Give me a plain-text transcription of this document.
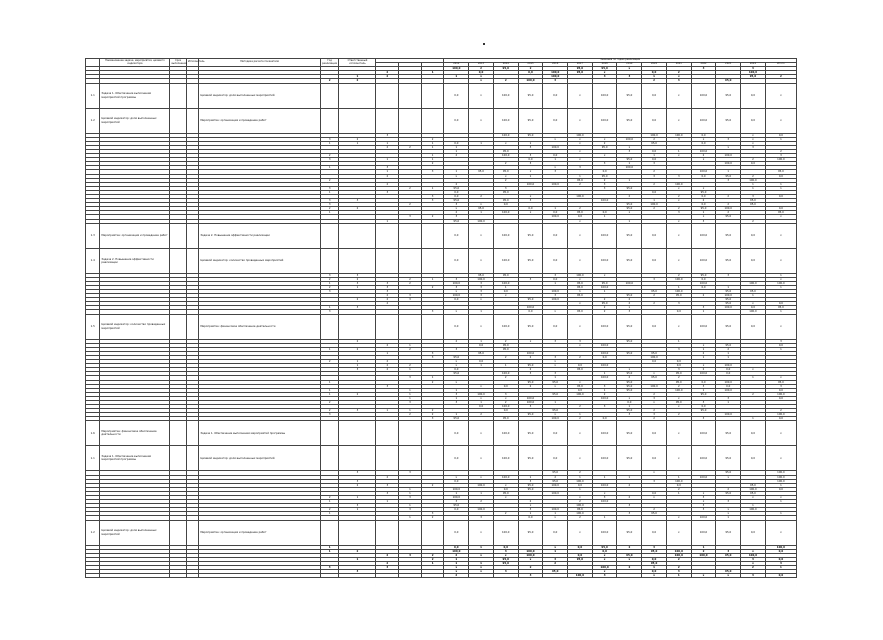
	Наименование задачи, мероприятия, целевого индикатора	Срок выполнения	Исполнитель	Методика расчета показателя	Год реализации	Ответственный исполнитель				Значения по годам реализации													
										2012	2013	2014	2015	2016	2017	2018	2019	2020	2021	2022	2023	2024	Итого
										100,0	2	95,0	2		95,0	95,0	х			3		3	
							2		1		0,0		0,0	100,0	95,0	х		0,0	2			100,0	
						1	2			1	х			100,0		3	3	1	х			95,0	2
					2	2					х	2	100,0	3				2	3		95,0		
1.1	Задача 1. Обеспечение выполнения мероприятий программы			Целевой индикатор: доля выполненных мероприятий						0,0	х	100,0	95,0	0,0	х	100,0	95,0	0,0	х	100,0	95,0	0,0	х
1.2	Целевой индикатор: доля выполненных мероприятий			Мероприятие: организация и проведение работ						0,0	х	100,0	95,0	0,0	х	100,0	95,0	0,0	х	100,0	95,0	0,0	х
							3					100,0	95,0		100,0			100,0	100,0	0,0		х	0,0
					3	2			2					х	х	х	100,0	2	3	х	3	х	1
					1	1	1		1	0,0	1	х	1		х	2		95,0		0,0		х	
							2	2	1	1			3	100,0		95,0	х				х	3	
										1		95,0			х		3	0,0	1	100,0			2
					2				1	2		100,0	3	0,0		х		1	х	2	100,0		3
					3		1		1				0,0	1	х		95,0	0,0		х		2	100,0
									2			2	3			3	1	3			100,0	0,0	
					1		3							х	3		100,0						
							1		3	1	95,0	95,0	х	3		0,0		2		100,0	1		95,0
							2			х		х	1		1	95,0		3	3	0,0	95,0	2	0,0
					2							2			95,0	2	1				3	100,0	
							2			2			100,0	100,0	2	3		2	100,0			1	1
					3			2	1	95,0		3				3	95,0		х	х		1	1
					1		3			0,0		95,0						0,0		95,0			
									3	0,0	2		х		100,0		2		2	0,0	2	3	0,0
					3	3			3	95,0		95,0	3			100,0		1	х	2		95,0	
					3			2		3	х	0,0					95,0	100,0		0,0	2	95,0	
					2	2				х	95,0		0,0	1	2		95,0	2	2	95,0	100,0		0,0
					1					2	1	100,0	х	0,0	95,0	0,0	х		3	1	2		95,0
								3	2	3				100,0	0,0	1				х	95,0		х
							1			95,0	100,0				х		1		х	3		2	
1.3	Мероприятие: организация и проведение работ			Задача 2. Повышение эффективности реализации						0,0	х	100,0	95,0	0,0	х	100,0	95,0	0,0	х	100,0	95,0	0,0	х
1.4	Задача 2. Повышение эффективности реализации			Целевой индикатор: количество проведенных мероприятий						0,0	х	100,0	95,0	0,0	х	100,0	95,0	0,0	х	100,0	95,0	0,0	х
					3	3					95,0	95,0		3	100,0	х			2	95,0	3		1
					2	2		2	1	3	100,0		3	0,0	х			3	100,0	0,0			х
					1	3	3	2		100,0	3	100,0		1	95,0	95,0	100,0			100,0		100,0	100,0
					2	1	3		2	3	3	1			95,0	100,0			1	0,0	1		1
					3		3			х	3	0,0		100,0	1	1		95,0	100,0		95,0	95,0	
							2	3		100,0	3	х		3	95,0		95,0	2	95,0	2	100,0	1	
						2	2	3		0,0	х		95,0	100,0		2	2				95,0		
							2								х	95,0	2	2	3		95,0	х	0,0
					1	3							100,0			2	х			3	100,0	0,0	95,0
					3				3	х	1		0,0	х	95,0	2	3		0,0	1		100,0	1
1.5	Целевой индикатор: количество проведенных мероприятий			Мероприятие: финансовое обеспечение деятельности						0,0	х	100,0	95,0	0,0	х	100,0	95,0	0,0	х	100,0	95,0	0,0	х
						2				2	1	2	х	3	3		95,0		1				3
							2	1			0,0	95,0			х	100,0				х	95,0		0,0
					1	2		2		3		95,0							3	1	2		1
							1		3		95,0		100,0			100,0	95,0	95,0		2	1		
									3	95,0		2	2	3	2	0,0		100,0		1	1		
					2	1	2			х	0,0			х				0,0	0,0				
						1	2	2		х	1	1	95,0	х	0,0	100,0			0,0	х	100,0		
						3	2	1		0,0			2		95,0		х		3	2	0,0	х	
										95,0		100,0	3	3		1	95,0	х	95,0	100,0	0,0		
								3	1			2		1		100,0	2	95,0	2			1	х
					1				2	х			95,0	95,0	х		95,0		95,0	0,0	100,0		95,0
							3				х	0,0	2	х	95,0	3	95,0	100,0	2	3	0,0		3
					1			1		1					0,0	1	95,0		100,0	1	100,0		0,0
					1	2		1		3	100,0	3		95,0	100,0	2		2		95,0		2	100,0
								1		1	х	х	100,0			100,0	х	3	х		3		0,0
					2			3		3	1	2	100,0	1			0,0	х	95,0	3	1		
											0,0	100,0	3		2	3	1		х	0,0			
					2	3	1	1	2			0,0		95,0			95,0	2		95,0			2
					3			2	2	1	2		95,0	х	1		3	3	2		100,0		100,0
									3	95,0		95,0		100,0	2	0,0		2		3		1	0,0
1.6	Мероприятие: финансовое обеспечение деятельности			Задача 1. Обеспечение выполнения мероприятий программы						0,0	х	100,0	95,0	0,0	х	100,0	95,0	0,0	х	100,0	95,0	0,0	х
1.1	Задача 1. Обеспечение выполнения мероприятий программы			Целевой индикатор: доля выполненных мероприятий						0,0	х	100,0	95,0	0,0	х	100,0	95,0	0,0	х	100,0	95,0	0,0	х
						3		3						95,0	2			х			95,0		100,0
							2			х	х	100,0	1	2	1	1	1		1	100,0	х		100,0
						3				0,0			3	95,0	100,0			3	100,0				100,0
						2	3		2		100,0	х	95,0	100,0	0,0	100,0	2		0,0			95,0	1
								1		100,0		0,0	95,0		1				2		2	100,0	0,0
							3	1		1	1	95,0		100,0		х		0,0	1	х	95,0	95,0	
					2	1		3		100,0		х			х	3	2	х		3		х	х
					1		1			3	2		2		2	100,0				х	3		1
						3		1		95,0			х		100,0		3			3		1	
					2	1		3		0,0	100,0		3	100,0	95,0			2		3	х	100,0	
					1				3			2	1	1	100,0		3	95,0			х		1
								1	2		3		0,0	х	2	1			х	100,0	1		
1.2	Целевой индикатор: доля выполненных мероприятий			Мероприятие: организация и проведение работ						0,0	х	100,0	95,0	0,0	х	100,0	95,0	0,0	х	100,0	95,0	0,0	х
					1					0,0	1	0,0		х	0,0	95,0	2	3		1			100,0
					1	2				100,0		3	100,0	1		0,0		95,0	100,0	2	3	х	0,0
							2	3	2	2	х	х	100,0		0,0	х	95,0		100,0	100,0	95,0	100,0	
						1			2	1		95,0	х	3	95,0	х	х	0,0	2			3	0,0
							2		1	1	1	95,0		2				95,0				х	3
					3		3			х	х		2			100,0	2	1	2			2	1
						3				х	х	3		95,0		х		0,0	3		95,0		
										2			3		100,0	3		х	1	х	х	3	0,0
